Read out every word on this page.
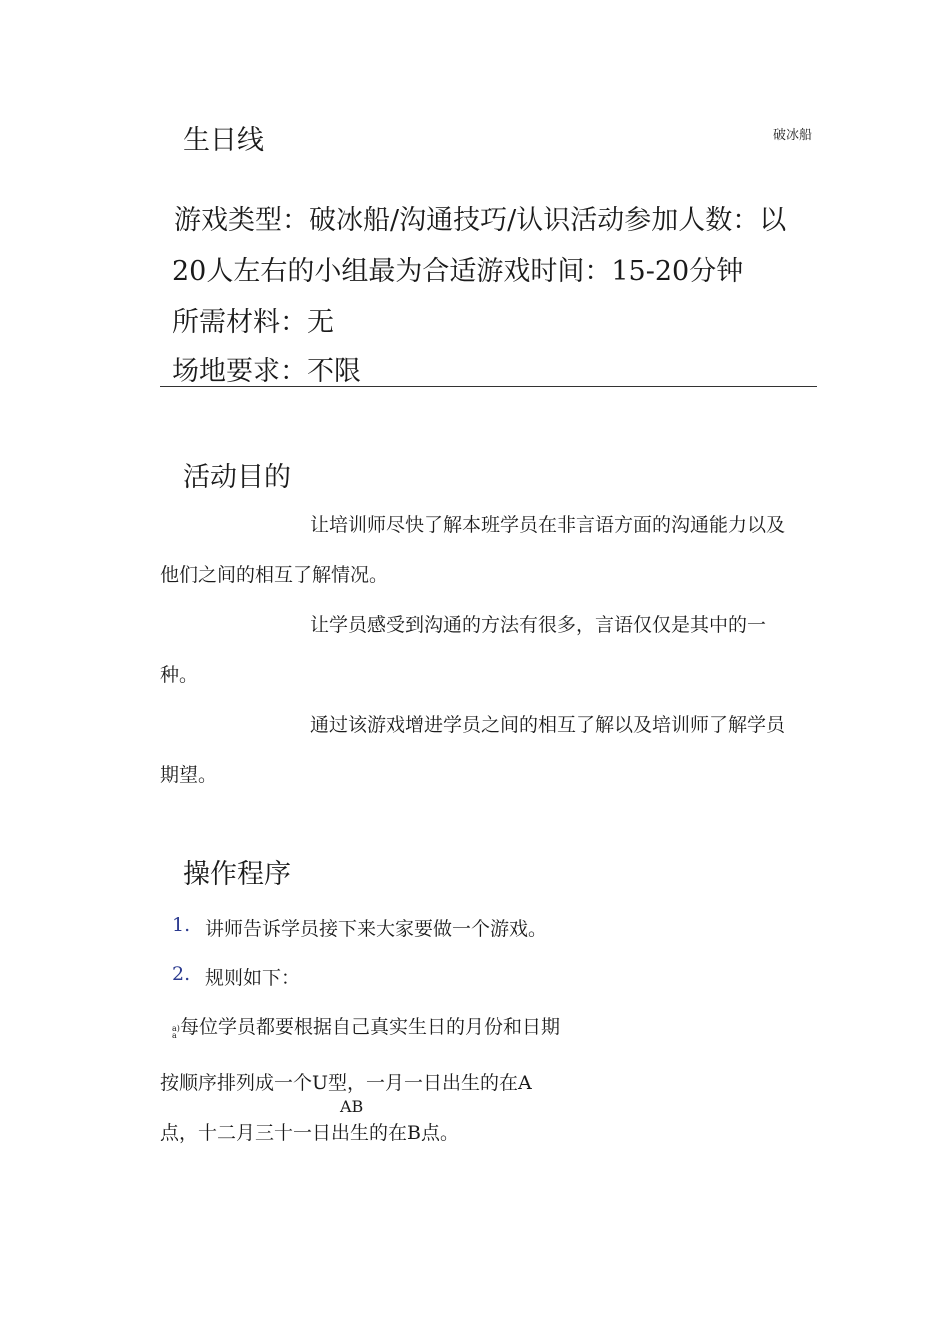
生日线	破冰船
游戏类型：破冰船/沟通技巧/认识活动参加人数：以
20人左右的小组最为合适游戏时间：15-20分钟
所需材料：无
场地要求：不限
活动目的
让培训师尽快了解本班学员在非言语方面的沟通能力以及
他们之间的相互了解情况。
让学员感受到沟通的方法有很多，言语仅仅是其中的一
种。
通过该游戏增进学员之间的相互了解以及培训师了解学员
期望。
操作程序
1. 讲师告诉学员接下来大家要做一个游戏。
2. 规则如下：
a)
a 每位学员都要根据自己真实生日的月份和日期
按顺序排列成一个U型，一月一日出生的在A
AB
点，十二月三十一日出生的在B点。
